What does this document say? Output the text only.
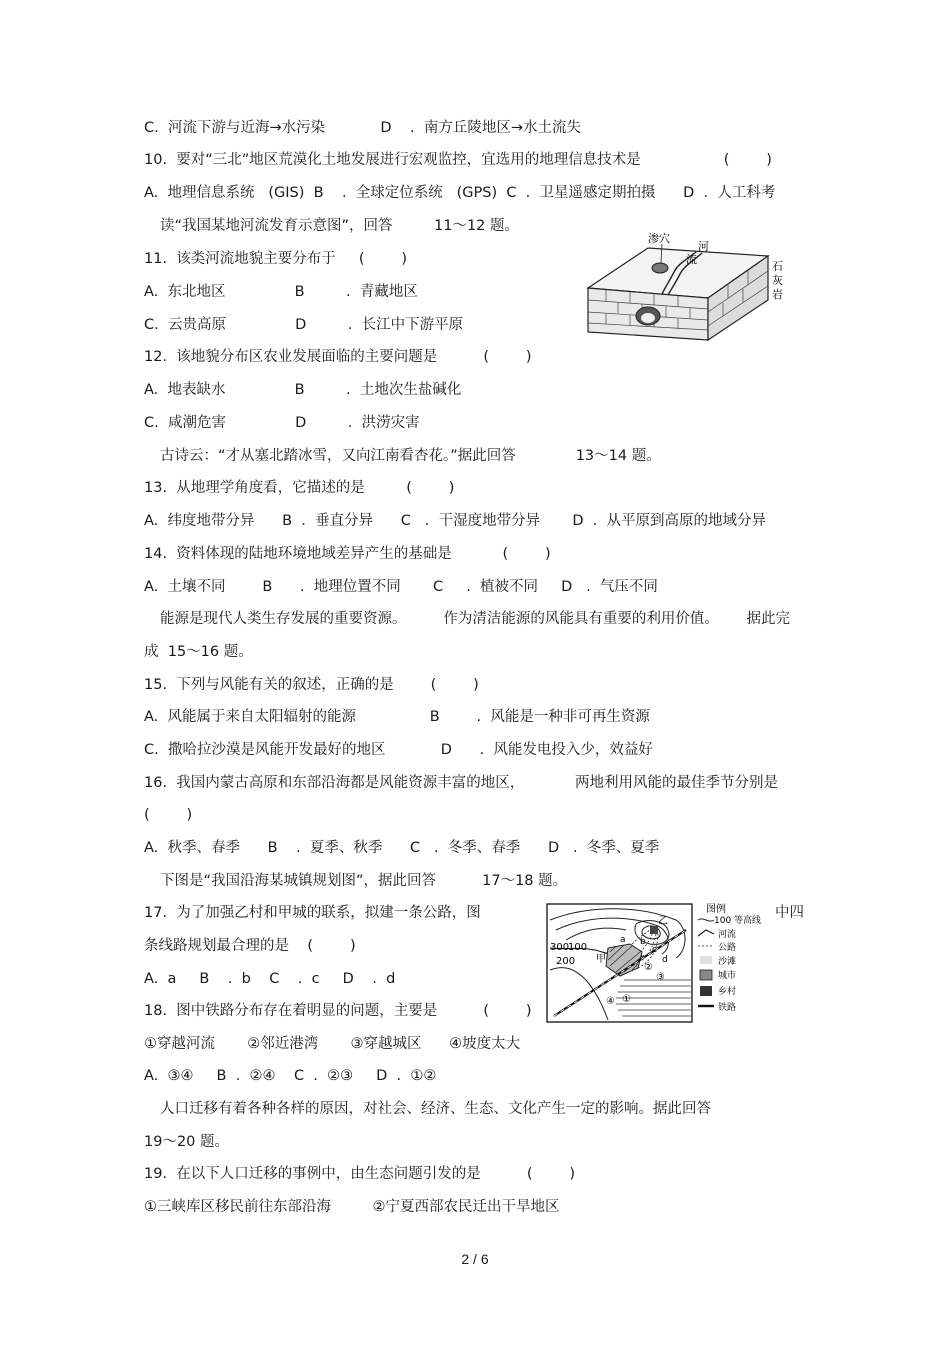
C.  河流下游与近海→水污染            D    .  南方丘陵地区→水土流失
10.  要对“三北”地区荒漠化土地发展进行宏观监控，宜选用的地理信息技术是                  (        )
A.  地理信息系统   (GIS)  B    .  全球定位系统   (GPS)  C  .  卫星遥感定期拍摄      D  .  人工科考
读“我国某地河流发育示意图”，回答         11～12 题。
11.  该类河流地貌主要分布于     (        )
A.  东北地区               B         .  青藏地区
C.  云贵高原               D         .  长江中下游平原
12.  该地貌分布区农业发展面临的主要问题是          (        )
A.  地表缺水               B         .  土地次生盐碱化
C.  咸潮危害               D         .  洪涝灾害
古诗云：“才从塞北踏冰雪，又向江南看杏花。”据此回答             13～14 题。
13.  从地理学角度看，它描述的是         (        )
A.  纬度地带分异      B  .  垂直分异      C   .  干湿度地带分异       D  .  从平原到高原的地域分异
14.  资料体现的陆地环境地域差异产生的基础是           (        )
A.  土壤不同        B      .  地理位置不同       C     .  植被不同     D   .  气压不同
能源是现代人类生存发展的重要资源。        作为清洁能源的风能具有重要的利用价值。      据此完
成  15～16 题。
15.  下列与风能有关的叙述，正确的是        (        )
A.  风能属于来自太阳辐射的能源                B        .  风能是一种非可再生资源
C.  撒哈拉沙漠是风能开发最好的地区            D      .  风能发电投入少，效益好
16.  我国内蒙古高原和东部沿海都是风能资源丰富的地区，           两地利用风能的最佳季节分别是
(        )
A.  秋季、春季      B    .  夏季、秋季      C   .  冬季、春季      D   .  冬季、夏季
下图是“我国沿海某城镇规划图”，据此回答          17～18 题。
17.  为了加强乙村和甲城的联系，拟建一条公路，图	中四
条线路规划最合理的是    (        )
A.  a     B    .  b    C    .  c     D    .  d
18.  图中铁路分布存在着明显的问题，主要是          (        )
①穿越河流       ②邻近港湾       ③穿越城区      ④坡度太大
A.  ③④     B  .  ②④    C  .  ②③     D  .  ①②
人口迁移有着各种各样的原因，对社会、经济、生态、文化产生一定的影响。据此回答
19～20 题。
19.  在以下人口迁移的事例中，由生态问题引发的是          (        )
①三峡库区移民前往东部沿海         ②宁夏西部农民迁出干旱地区
渗穴
河
流
石
灰
岩
300
100
200 甲
a b
c
d
乙
①
②
③
④
图例
100 等高线
河流
公路
沙滩
城市
乡村
铁路
2 / 6
